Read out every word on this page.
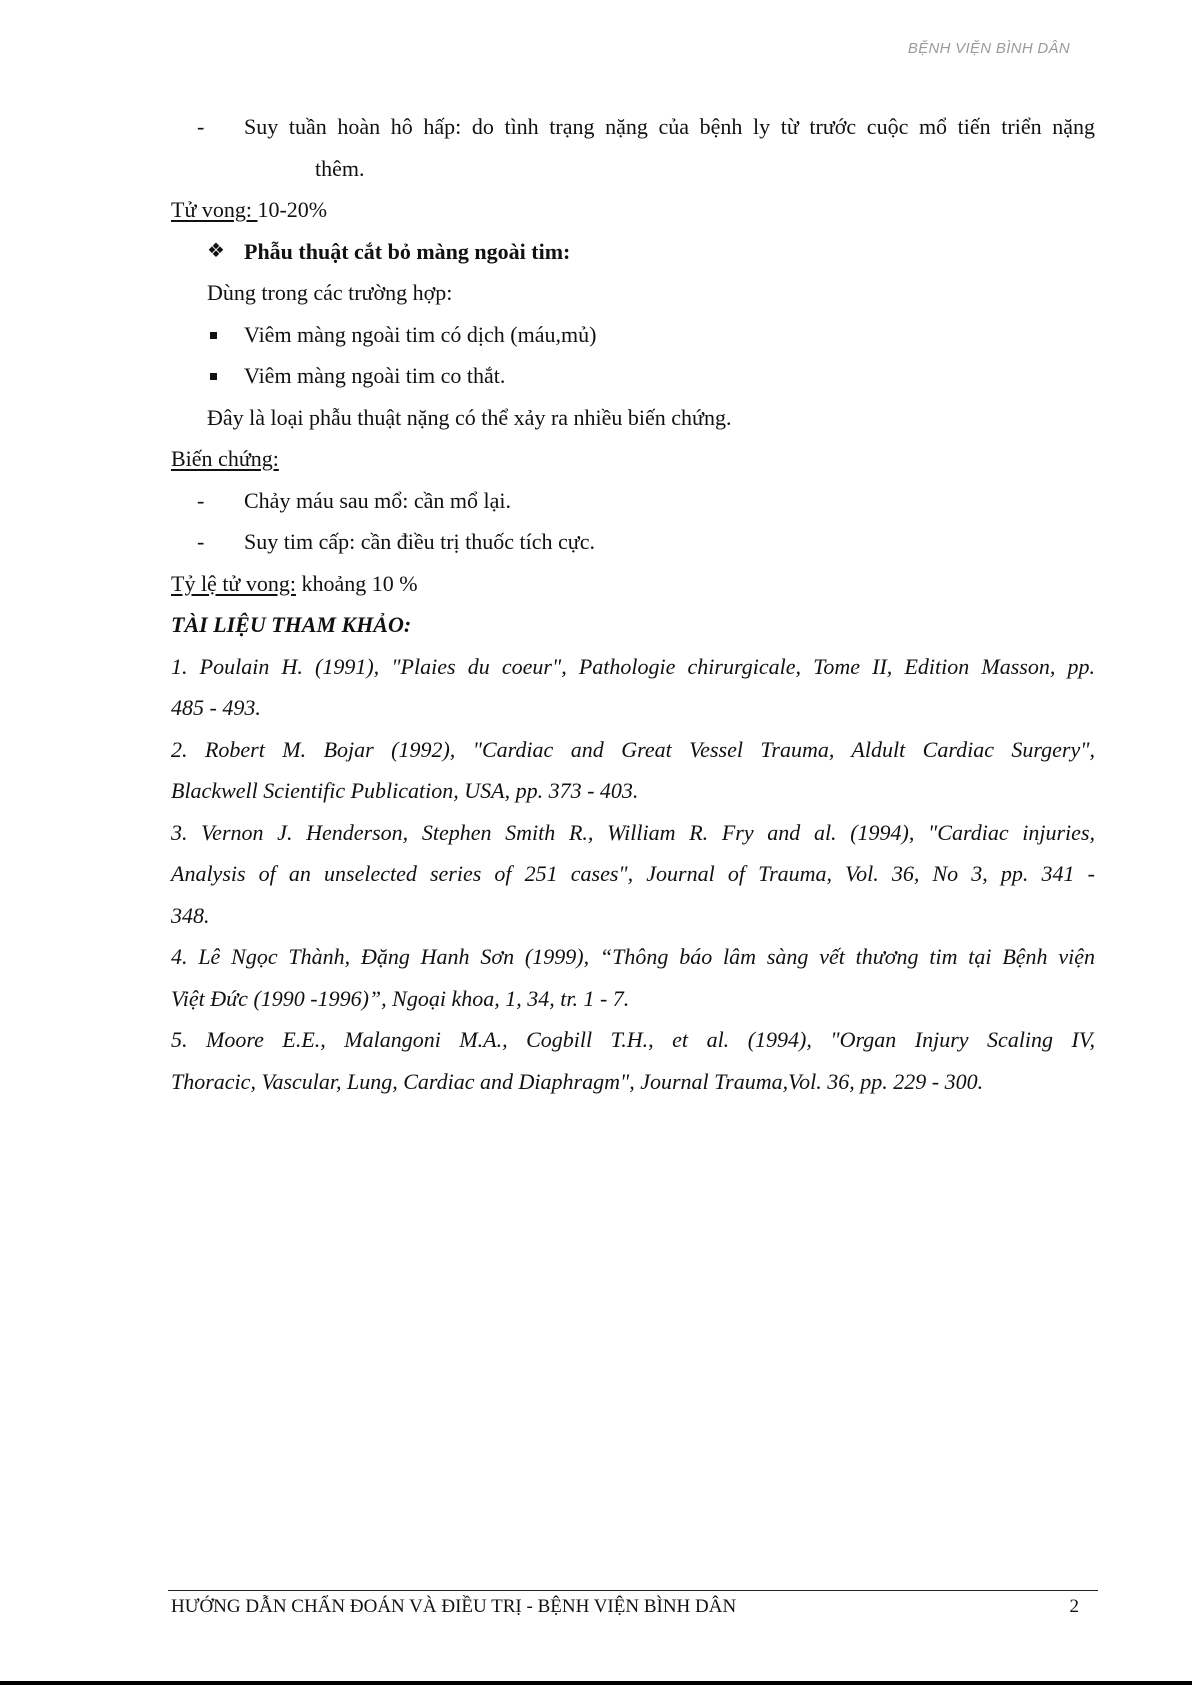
BỆNH VIỆN BÌNH DÂN
- Suy tuần hoàn hô hấp: do tình trạng nặng của bệnh ly từ trước cuộc mổ tiến triển nặng
thêm.
Tử vong: 10-20%
❖ Phẫu thuật cắt bỏ màng ngoài tim:
Dùng trong các trường hợp:
Viêm màng ngoài tim có dịch (máu,mủ)
Viêm màng ngoài tim co thắt.
Đây là loại phẫu thuật nặng có thể xảy ra nhiều biến chứng.
Biến chứng:
- Chảy máu sau mổ: cần mổ lại.
- Suy tim cấp: cần điều trị thuốc tích cực.
Tỷ lệ tử vong: khoảng 10 %
TÀI LIỆU THAM KHẢO:
1. Poulain H. (1991), "Plaies du coeur", Pathologie chirurgicale, Tome II, Edition Masson, pp.
485 - 493.
2. Robert M. Bojar (1992), "Cardiac and Great Vessel Trauma, Aldult Cardiac Surgery",
Blackwell Scientific Publication, USA, pp. 373 - 403.
3. Vernon J. Henderson, Stephen Smith R., William R. Fry and al. (1994), "Cardiac injuries,
Analysis of an unselected series of 251 cases", Journal of Trauma, Vol. 36, No 3, pp. 341 -
348.
4. Lê Ngọc Thành, Đặng Hanh Sơn (1999), “Thông báo lâm sàng vết thương tim tại Bệnh viện
Việt Đức (1990 -1996)”, Ngoại khoa, 1, 34, tr. 1 - 7.
5. Moore E.E., Malangoni M.A., Cogbill T.H., et al. (1994), "Organ Injury Scaling IV,
Thoracic, Vascular, Lung, Cardiac and Diaphragm", Journal Trauma,Vol. 36, pp. 229 - 300.
HƯỚNG DẪN CHẨN ĐOÁN VÀ ĐIỀU TRỊ - BỆNH VIỆN BÌNH DÂN	2
